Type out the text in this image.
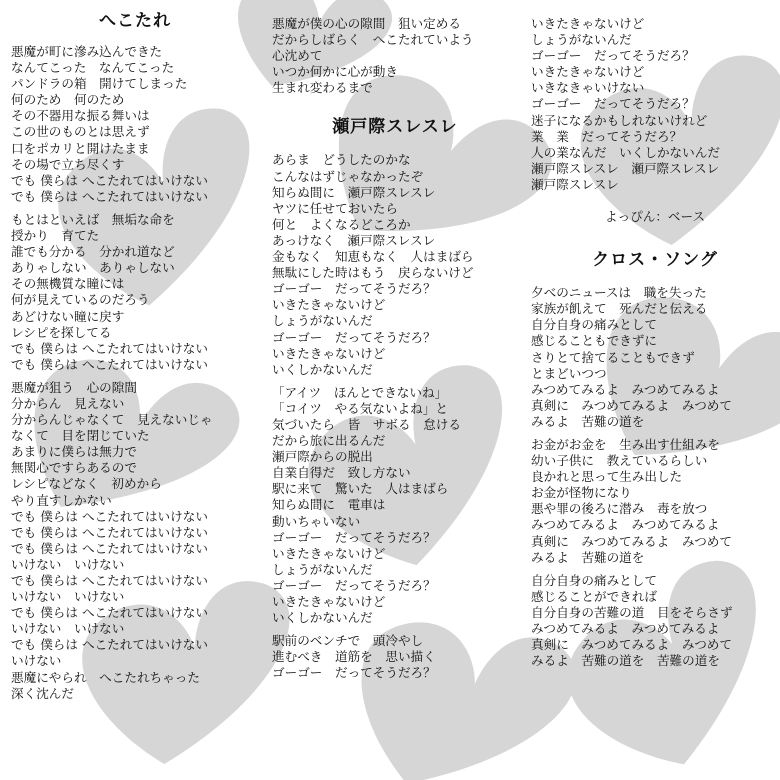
へこたれ
悪魔が町に滲み込んできた
なんてこった　なんてこった
パンドラの箱　開けてしまった
何のため　何のため
その不器用な振る舞いは
この世のものとは思えず
口をポカリと開けたまま
その場で立ち尽くす
でも 僕らは へこたれてはいけない
でも 僕らは へこたれてはいけない
もとはといえば　無垢な命を
授かり　育てた
誰でも分かる　分かれ道など
ありゃしない　ありゃしない
その無機質な瞳には
何が見えているのだろう
あどけない瞳に戻す
レシピを探してる
でも 僕らは へこたれてはいけない
でも 僕らは へこたれてはいけない
悪魔が狙う　心の隙間
分からん　見えない
分からんじゃなくて　見えないじゃ
なくて　目を閉じていた
あまりに僕らは無力で
無関心ですらあるので
レシピなどなく　初めから
やり直すしかない
でも 僕らは へこたれてはいけない
でも 僕らは へこたれてはいけない
でも 僕らは へこたれてはいけない
いけない　いけない
でも 僕らは へこたれてはいけない
いけない　いけない
でも 僕らは へこたれてはいけない
いけない　いけない
でも 僕らは へこたれてはいけない
いけない
悪魔にやられ　へこたれちゃった
深く沈んだ
悪魔が僕の心の隙間　狙い定める
だからしばらく　へこたれていよう
心沈めて
いつか何かに心が動き
生まれ変わるまで
瀬戸際スレスレ
あらま　どうしたのかな
こんなはずじゃなかったぞ
知らぬ間に　瀬戸際スレスレ
ヤツに任せておいたら
何と　よくなるどころか
あっけなく　瀬戸際スレスレ
金もなく　知恵もなく　人はまばら
無駄にした時はもう　戻らないけど
ゴーゴー　だってそうだろ？
いきたきゃないけど
しょうがないんだ
ゴーゴー　だってそうだろ？
いきたきゃないけど
いくしかないんだ
「アイツ　ほんとできないね」
「コイツ　やる気ないよね」と
気づいたら　皆　サボる　怠ける
だから旅に出るんだ
瀬戸際からの脱出
自業自得だ　致し方ない
駅に来て　驚いた　人はまばら
知らぬ間に　電車は
動いちゃいない
ゴーゴー　だってそうだろ？
いきたきゃないけど
しょうがないんだ
ゴーゴー　だってそうだろ？
いきたきゃないけど
いくしかないんだ
駅前のベンチで　頭冷やし
進むべき　道筋を　思い描く
ゴーゴー　だってそうだろ？
いきたきゃないけど
しょうがないんだ
ゴーゴー　だってそうだろ？
いきたきゃないけど
いきなきゃいけない
ゴーゴー　だってそうだろ？
迷子になるかもしれないけれど
業　業　だってそうだろ？
人の業なんだ　いくしかないんだ
瀬戸際スレスレ　瀬戸際スレスレ
瀬戸際スレスレ
よっぴん：ベース
クロス・ソング
夕べのニュースは　職を失った
家族が飢えて　死んだと伝える
自分自身の痛みとして
感じることもできずに
さりとて捨てることもできず
とまどいつつ
みつめてみるよ　みつめてみるよ
真剣に　みつめてみるよ　みつめて
みるよ　苦難の道を
お金がお金を　生み出す仕組みを
幼い子供に　教えているらしい
良かれと思って生み出した
お金が怪物になり
悪や罪の後ろに潜み　毒を放つ
みつめてみるよ　みつめてみるよ
真剣に　みつめてみるよ　みつめて
みるよ　苦難の道を
自分自身の痛みとして
感じることができれば
自分自身の苦難の道　目をそらさず
みつめてみるよ　みつめてみるよ
真剣に　みつめてみるよ　みつめて
みるよ　苦難の道を　苦難の道を
